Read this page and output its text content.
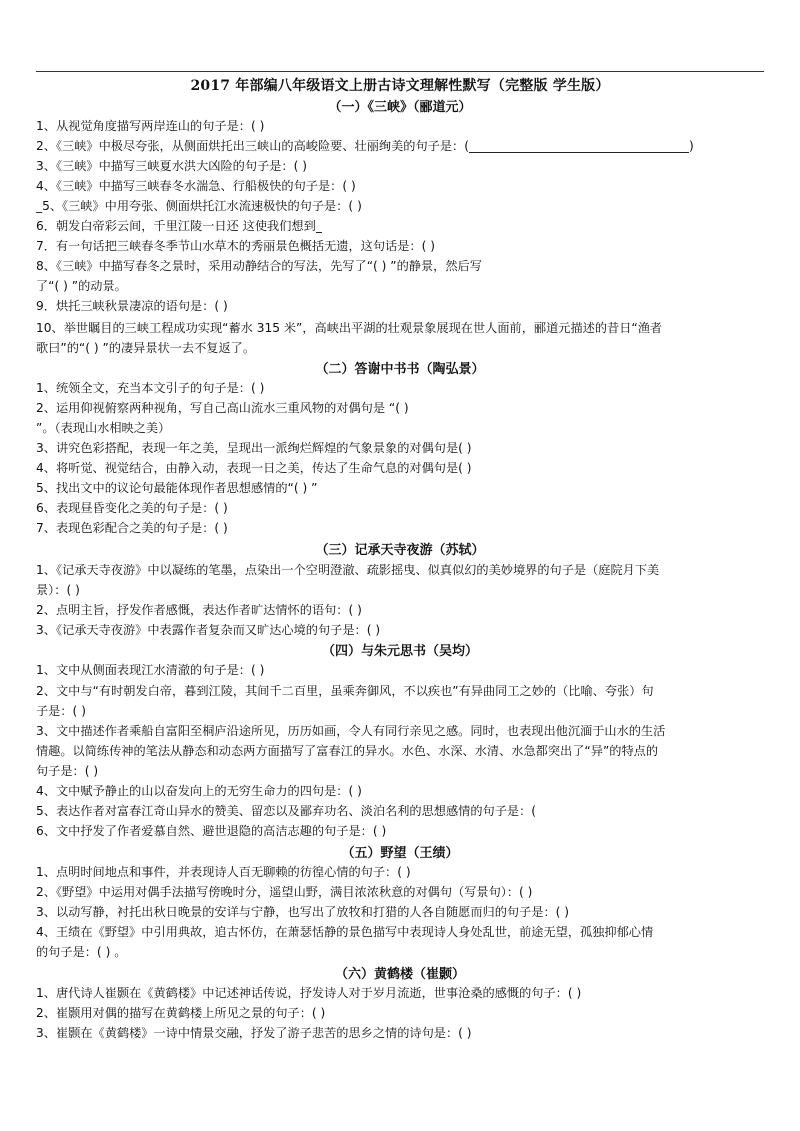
2017 年部编八年级语文上册古诗文理解性默写（完整版 学生版）
（一）《三峡》（郦道元）
1、从视觉角度描写两岸连山的句子是：( )
2、《三峡》中极尽夸张，从侧面烘托出三峡山的高峻险要、壮丽绚美的句子是：(	)
3、《三峡》中描写三峡夏水洪大凶险的句子是：( )
4、《三峡》中描写三峡春冬水湍急、行船极快的句子是：( )
_5、《三峡》中用夸张、侧面烘托江水流速极快的句子是：( )
6．朝发白帝彩云间，千里江陵一日还 这使我们想到
7．有一句话把三峡春冬季节山水草木的秀丽景色概括无遗，这句话是：( )
8、《三峡》中描写春冬之景时，采用动静结合的写法，先写了“( ) ”的静景，然后写
了“( ) ”的动景。
9．烘托三峡秋景凄凉的语句是：( )
10、举世瞩目的三峡工程成功实现“蓄水 315 米”，高峡出平湖的壮观景象展现在世人面前，郦道元描述的昔日“渔者
歌曰”的“( ) ”的凄异景状一去不复返了。
（二）答谢中书书（陶弘景）
1、统领全文，充当本文引子的句子是：( )
2、运用仰视俯察两种视角，写自己高山流水三重风物的对偶句是 “( )
”。（表现山水相映之美）
3、讲究色彩搭配，表现一年之美，呈现出一派绚烂辉煌的气象景象的对偶句是( )
4、将听觉、视觉结合，由静入动，表现一日之美，传达了生命气息的对偶句是( )
5、找出文中的议论句最能体现作者思想感情的“( ) ”
6、表现昼昏变化之美的句子是：( )
7、表现色彩配合之美的句子是：( )
（三）记承天寺夜游（苏轼）
1、《记承天寺夜游》中以凝练的笔墨，点染出一个空明澄澈、疏影摇曳、似真似幻的美妙境界的句子是（庭院月下美
景）：( )
2、点明主旨，抒发作者感慨，表达作者旷达情怀的语句：( )
3、《记承天寺夜游》中表露作者复杂而又旷达心境的句子是：( )
（四）与朱元思书（吴均）
1、文中从侧面表现江水清澈的句子是：( )
2、文中与“有时朝发白帝，暮到江陵，其间千二百里，虽乘奔御风，不以疾也”有异曲同工之妙的（比喻、夸张）句
子是：( )
3、文中描述作者乘船自富阳至桐庐沿途所见，历历如画，令人有同行亲见之感。同时，也表现出他沉湎于山水的生活
情趣。以简练传神的笔法从静态和动态两方面描写了富春江的异水。水色、水深、水清、水急都突出了“异”的特点的
句子是：( )
4、文中赋予静止的山以奋发向上的无穷生命力的四句是：( )
5、表达作者对富春江奇山异水的赞美、留恋以及鄙弃功名、淡泊名利的思想感情的句子是：(
6、文中抒发了作者爱慕自然、避世退隐的高洁志趣的句子是：( )
（五）野望（王绩）
1、点明时间地点和事件，并表现诗人百无聊赖的彷徨心情的句子：( )
2、《野望》中运用对偶手法描写傍晚时分，遥望山野，满目浓浓秋意的对偶句（写景句）：( )
3、以动写静，衬托出秋日晚景的安详与宁静，也写出了放牧和打猎的人各自随愿而归的句子是：( )
4、王绩在《野望》中引用典故，追古怀仿，在萧瑟恬静的景色描写中表现诗人身处乱世，前途无望，孤独抑郁心情
的句子是：( ) 。
（六）黄鹤楼（崔颢）
1、唐代诗人崔颢在《黄鹤楼》中记述神话传说，抒发诗人对于岁月流逝，世事沧桑的感慨的句子：( )
2、崔颢用对偶的描写在黄鹤楼上所见之景的句子：( )
3、崔颢在《黄鹤楼》一诗中情景交融，抒发了游子悲苦的思乡之情的诗句是：( )
